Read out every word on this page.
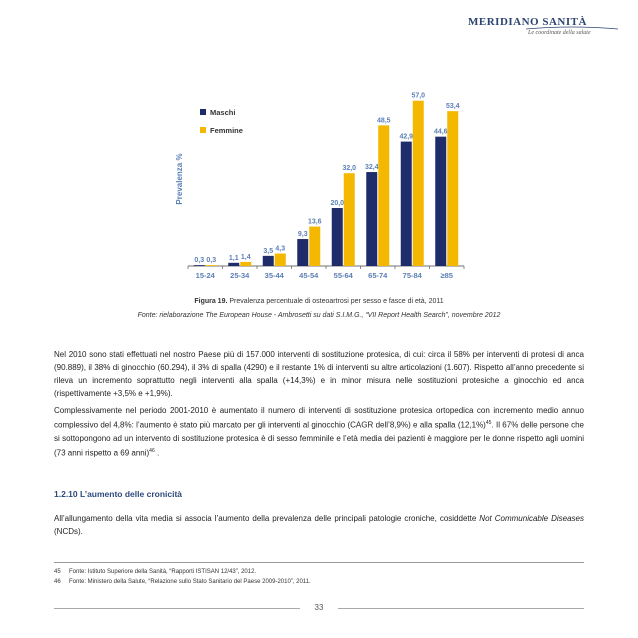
MERIDIANO SANITÀ
Le coordinate della salute
15-24
0,3 0,3
25-34
1,1 1,4
35-44
3,5 4,3
45-54
9,3
13,6
55-64
20,0
32,0
65-74
32,4
48,5
75-84
42,9
57,0
≥85
44,6
53,4
Prevalenza %
Maschi
Femmine
Figura 19. Prevalenza percentuale di osteoartrosi per sesso e fasce di età, 2011
Fonte: rielaborazione The European House - Ambrosetti su dati S.I.M.G., “VII Report Health Search”, novembre 2012
Nel 2010 sono stati effettuati nel nostro Paese più di 157.000 interventi di sostituzione protesica, di cui: circa il 58% per interventi di protesi di anca (90.889), il 38% di ginocchio (60.294), il 3% di spalla (4290) e il restante 1% di interventi su altre articolazioni (1.607). Rispetto all’anno precedente si rileva un incremento soprattutto negli interventi alla spalla (+14,3%) e in minor misura nelle sostituzioni protesiche a ginocchio ed anca (rispettivamente +3,5% e +1,9%).
Complessivamente nel periodo 2001-2010 è aumentato il numero di interventi di sostituzione protesica ortopedica con incremento medio annuo complessivo del 4,8%: l’aumento è stato più marcato per gli interventi al ginocchio (CAGR dell’8,9%) e alla spalla $(12,1\%)^{45}$. Il 67% delle persone che si sottopongono ad un intervento di sostituzione protesica è di sesso femminile e l’età media dei pazienti è maggiore per le donne rispetto agli uomini (73 anni rispetto a 69 anni)$^{46}$ .
1.2.10 L’aumento delle cronicità
All’allungamento della vita media si associa l’aumento della prevalenza delle principali patologie croniche, cosiddette Not Communicable Diseases (NCDs).
45 Fonte: Istituto Superiore della Sanità, “Rapporti ISTISAN 12/43”, 2012.
46 Fonte: Ministero della Salute, “Relazione sullo Stato Sanitario del Paese 2009-2010”, 2011.
33
